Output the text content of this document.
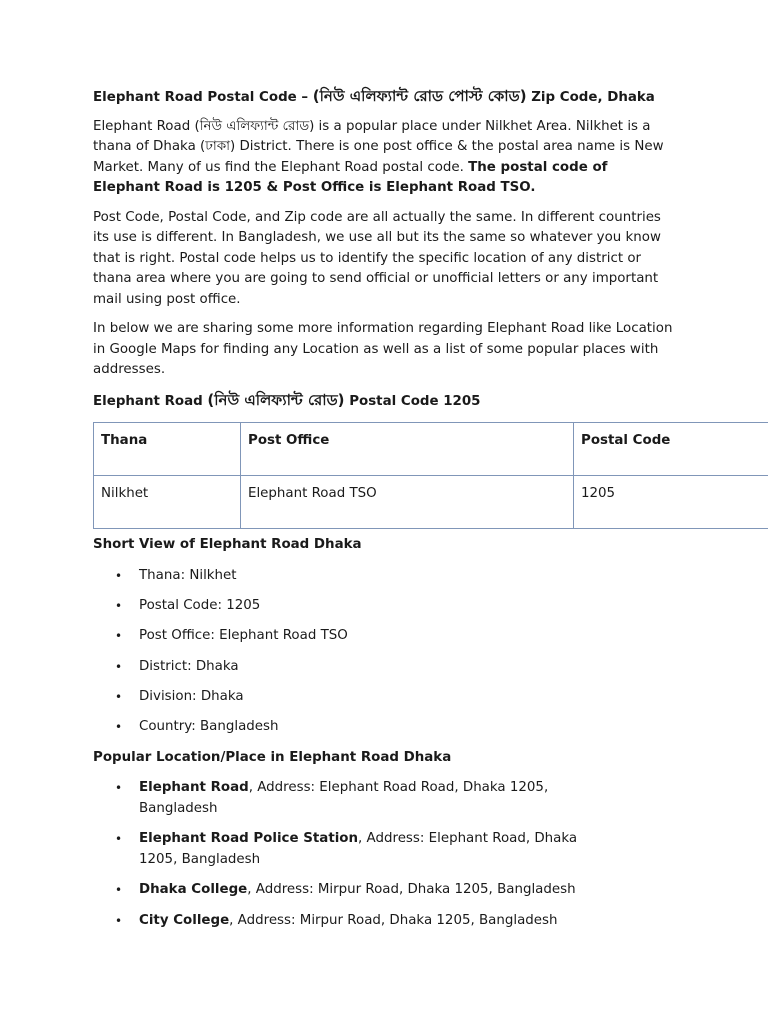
Elephant Road Postal Code – (নিউ এলিফ্যান্ট রোড পোস্ট কোড) Zip Code, Dhaka

Elephant Road (নিউ এলিফ্যান্ট রোড) is a popular place under Nilkhet Area. Nilkhet is a thana of Dhaka (ঢাকা) District. There is one post office & the postal area name is New Market. Many of us find the Elephant Road postal code. The postal code of Elephant Road is 1205 & Post Office is Elephant Road TSO.

Post Code, Postal Code, and Zip code are all actually the same. In different countries its use is different. In Bangladesh, we use all but its the same so whatever you know that is right. Postal code helps us to identify the specific location of any district or thana area where you are going to send official or unofficial letters or any important mail using post office.

In below we are sharing some more information regarding Elephant Road like Location in Google Maps for finding any Location as well as a list of some popular places with addresses.

Elephant Road (নিউ এলিফ্যান্ট রোড) Postal Code 1205
Thana	Post Office	Postal Code
Nilkhet	Elephant Road TSO	1205
Short View of Elephant Road Dhaka
• Thana: Nilkhet
• Postal Code: 1205
• Post Office: Elephant Road TSO
• District: Dhaka
• Division: Dhaka
• Country: Bangladesh
Popular Location/Place in Elephant Road Dhaka
• Elephant Road, Address: Elephant Road Road, Dhaka 1205, Bangladesh
• Elephant Road Police Station, Address: Elephant Road, Dhaka 1205, Bangladesh
• Dhaka College, Address: Mirpur Road, Dhaka 1205, Bangladesh
• City College, Address: Mirpur Road, Dhaka 1205, Bangladesh
